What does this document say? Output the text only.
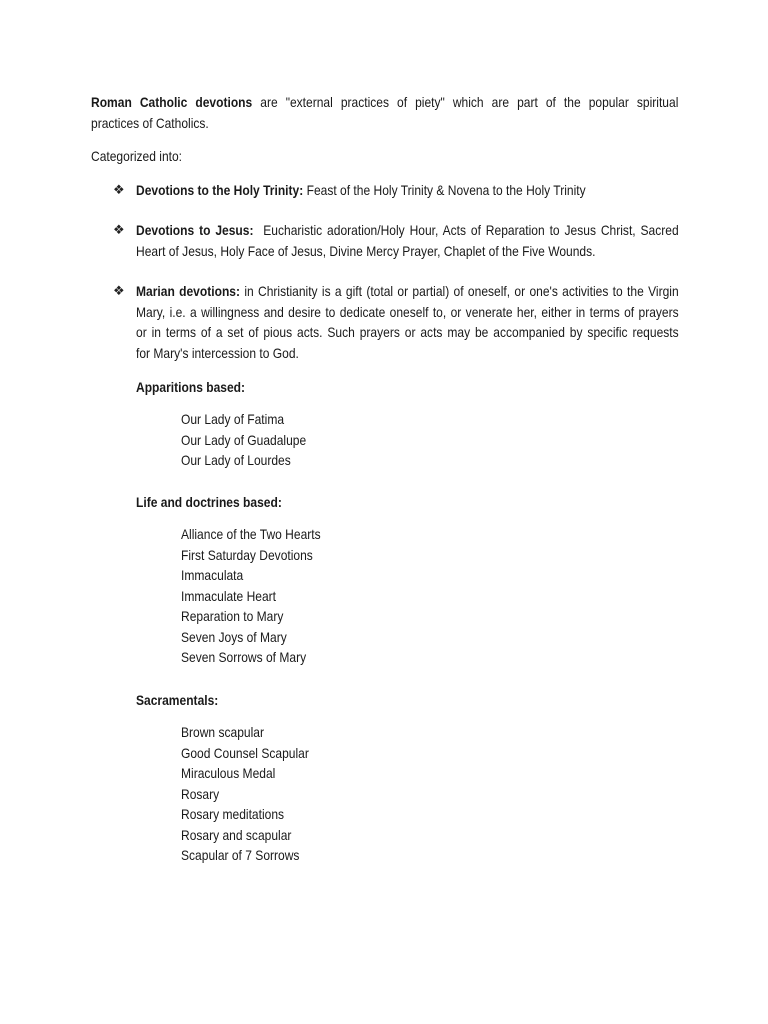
Roman Catholic devotions are "external practices of piety" which are part of the popular spiritual
practices of Catholics.
Categorized into:
❖ Devotions to the Holy Trinity: Feast of the Holy Trinity & Novena to the Holy Trinity
❖ Devotions to Jesus: Eucharistic adoration/Holy Hour, Acts of Reparation to Jesus Christ, Sacred
Heart of Jesus, Holy Face of Jesus, Divine Mercy Prayer, Chaplet of the Five Wounds.
❖ Marian devotions: in Christianity is a gift (total or partial) of oneself, or one's activities to the Virgin
Mary, i.e. a willingness and desire to dedicate oneself to, or venerate her, either in terms of prayers
or in terms of a set of pious acts. Such prayers or acts may be accompanied by specific requests
for Mary's intercession to God.
Apparitions based:
Our Lady of Fatima
Our Lady of Guadalupe
Our Lady of Lourdes
Life and doctrines based:
Alliance of the Two Hearts
First Saturday Devotions
Immaculata
Immaculate Heart
Reparation to Mary
Seven Joys of Mary
Seven Sorrows of Mary
Sacramentals:
Brown scapular
Good Counsel Scapular
Miraculous Medal
Rosary
Rosary meditations
Rosary and scapular
Scapular of 7 Sorrows
